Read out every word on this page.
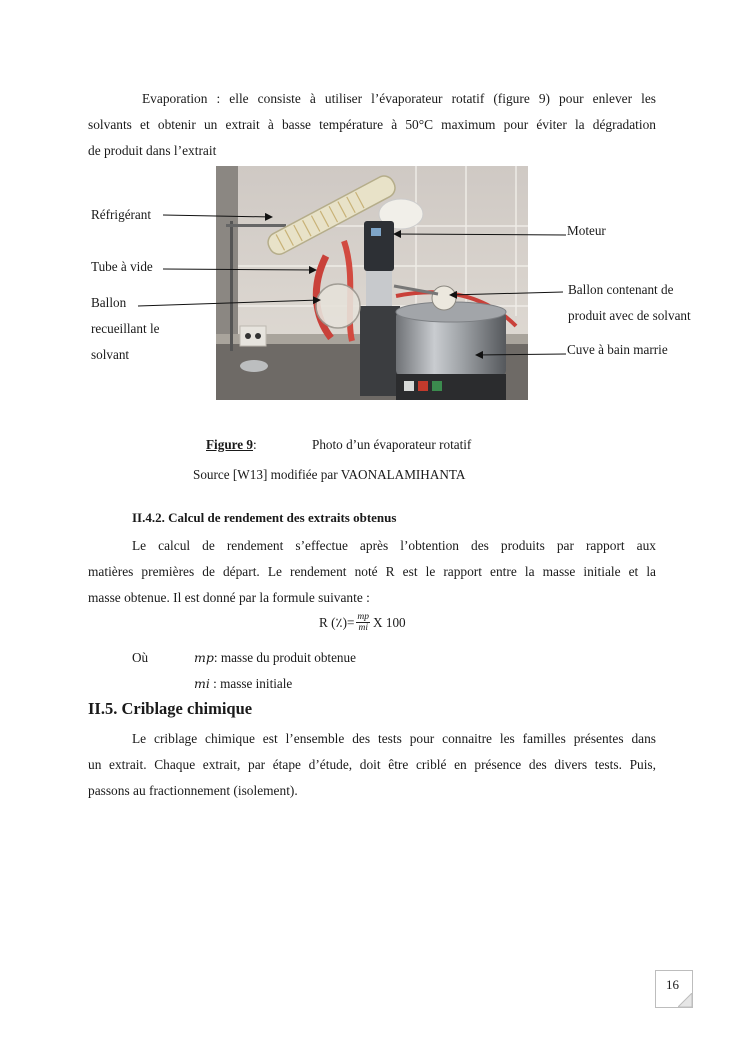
Evaporation : elle consiste à utiliser l’évaporateur rotatif (figure 9) pour enlever les

solvants et obtenir un extrait à basse température à 50°C maximum pour éviter la dégradation

de produit dans l’extrait

Réfrigérant
Tube à vide
Ballon
recueillant le
solvant
Moteur
Ballon contenant de
produit avec de solvant
Cuve à bain marrie
Figure 9:	Photo d’un évaporateur rotatif
Source [W13] modifiée par VAONALAMIHANTA
II.4.2. Calcul de rendement des extraits obtenus

Le calcul de rendement s’effectue après l’obtention des produits par rapport aux

matières premières de départ. Le rendement noté R est le rapport entre la masse initiale et la

masse obtenue. Il est donné par la formule suivante :

R (٪)= $\frac{mp}{mi}$ X 100
Où	mp: masse du produit obtenue
mi : masse initiale
II.5. Criblage chimique

Le criblage chimique est l’ensemble des tests pour connaitre les familles présentes dans

un extrait. Chaque extrait, par étape d’étude, doit être criblé en présence des divers tests. Puis,

passons au fractionnement (isolement).

16
